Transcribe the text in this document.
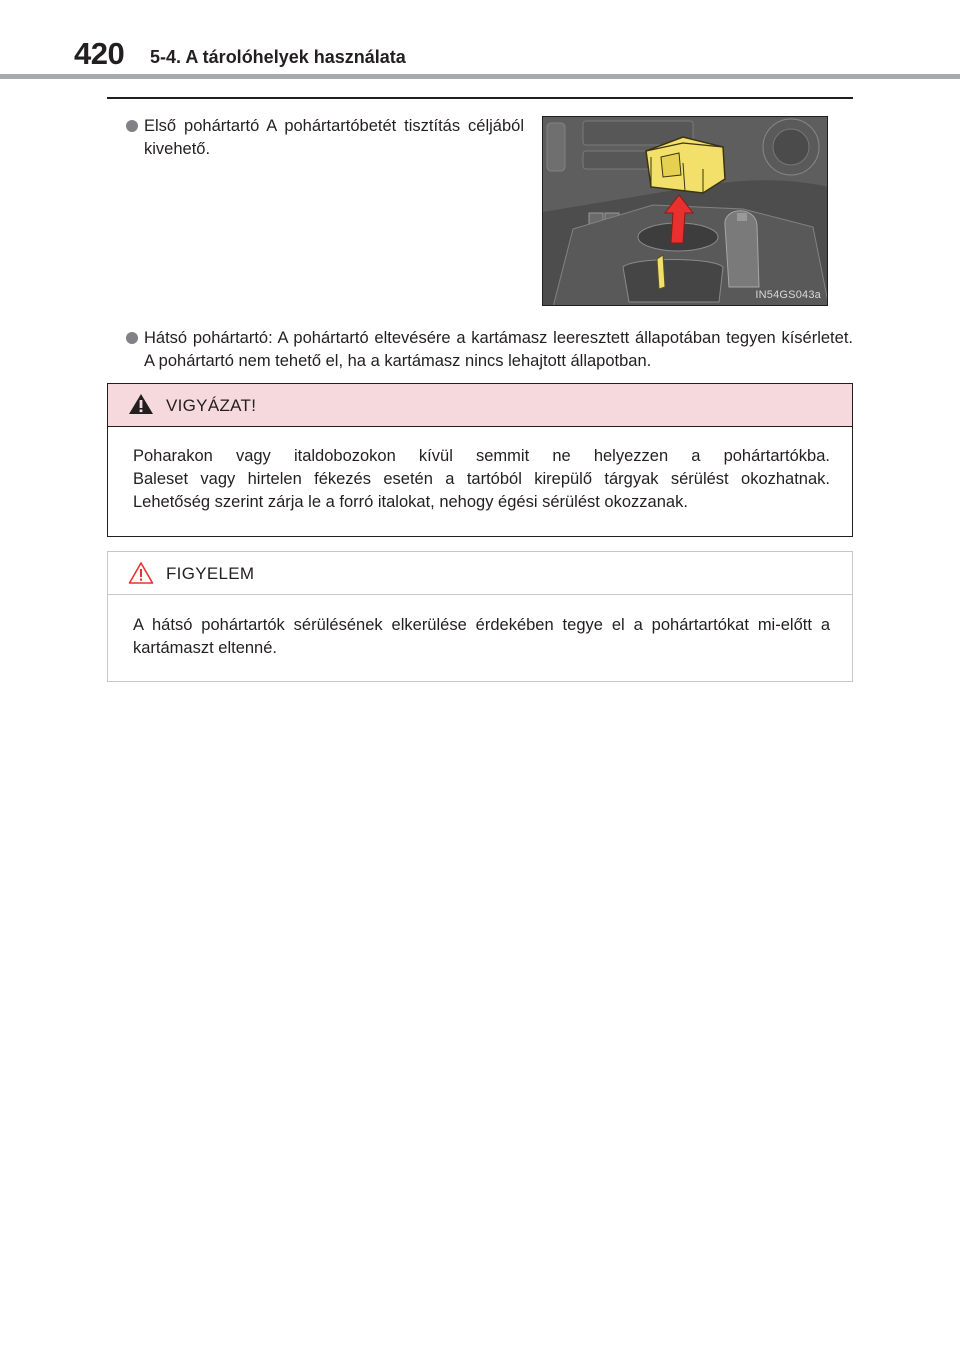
420 5-4. A tárolóhelyek használata
Első pohártartó A pohártartóbetét tisztítás céljából kivehető.
IN54GS043a
Hátsó pohártartó: A pohártartó eltevésére a kartámasz leeresztett állapotában tegyen kísérletet. A pohártartó nem tehető el, ha a kartámasz nincs lehajtott állapotban.
VIGYÁZAT!
Poharakon vagy italdobozokon kívül semmit ne helyezzen a pohártartókba.
Baleset vagy hirtelen fékezés esetén a tartóból kirepülő tárgyak sérülést okozhatnak.
Lehetőség szerint zárja le a forró italokat, nehogy égési sérülést okozzanak.
FIGYELEM
A hátsó pohártartók sérülésének elkerülése érdekében tegye el a pohártartókat mi-előtt a kartámaszt eltenné.
